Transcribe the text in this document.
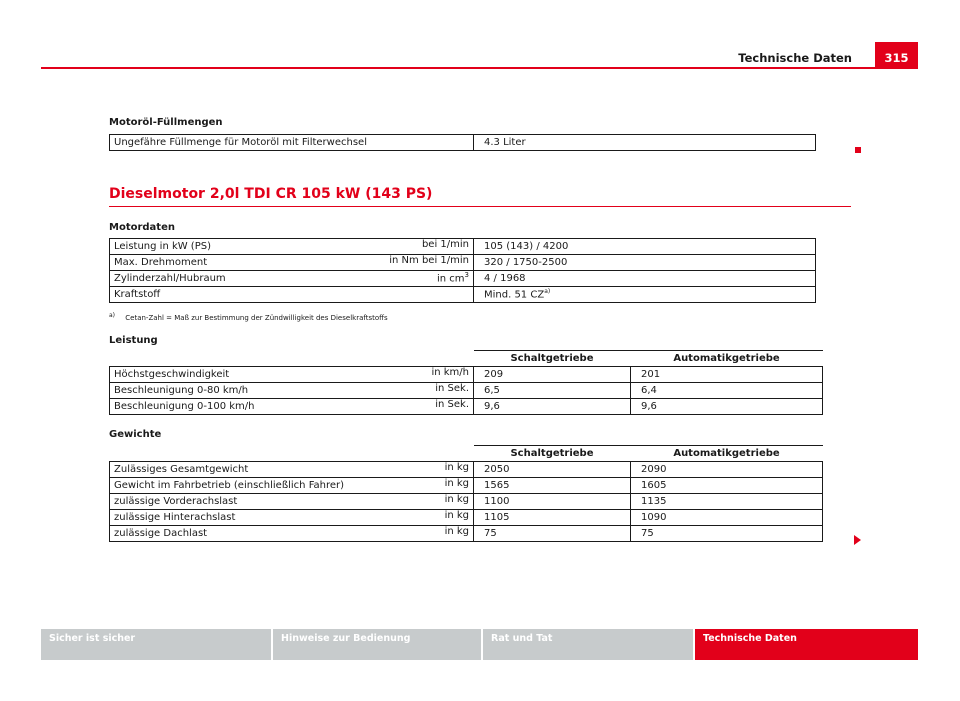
Technische Daten	315
Motoröl-Füllmengen
Ungefähre Füllmenge für Motoröl mit Filterwechsel	4.3 Liter
Dieselmotor 2,0l TDI CR 105 kW (143 PS)
Motordaten
Leistung in kW (PS) bei 1/min	105 (143) / 4200
Max. Drehmoment in Nm bei 1/min	320 / 1750-2500
Zylinderzahl/Hubraum in $cm^3$	4 / 1968
Kraftstoff	Mind. 51 CZ$^{a)}$
$^{a)}$ Cetan-Zahl = Maß zur Bestimmung der Zündwilligkeit des Dieselkraftstoffs
Leistung
	Schaltgetriebe	Automatikgetriebe
Höchstgeschwindigkeit in km/h	209	201
Beschleunigung 0-80 km/h in Sek.	6,5	6,4
Beschleunigung 0-100 km/h in Sek.	9,6	9,6
Gewichte
	Schaltgetriebe	Automatikgetriebe
Zulässiges Gesamtgewicht in kg	2050	2090
Gewicht im Fahrbetrieb (einschließlich Fahrer) in kg	1565	1605
zulässige Vorderachslast in kg	1100	1135
zulässige Hinterachslast in kg	1105	1090
zulässige Dachlast in kg	75	75
Sicher ist sicher	Hinweise zur Bedienung	Rat und Tat	Technische Daten
